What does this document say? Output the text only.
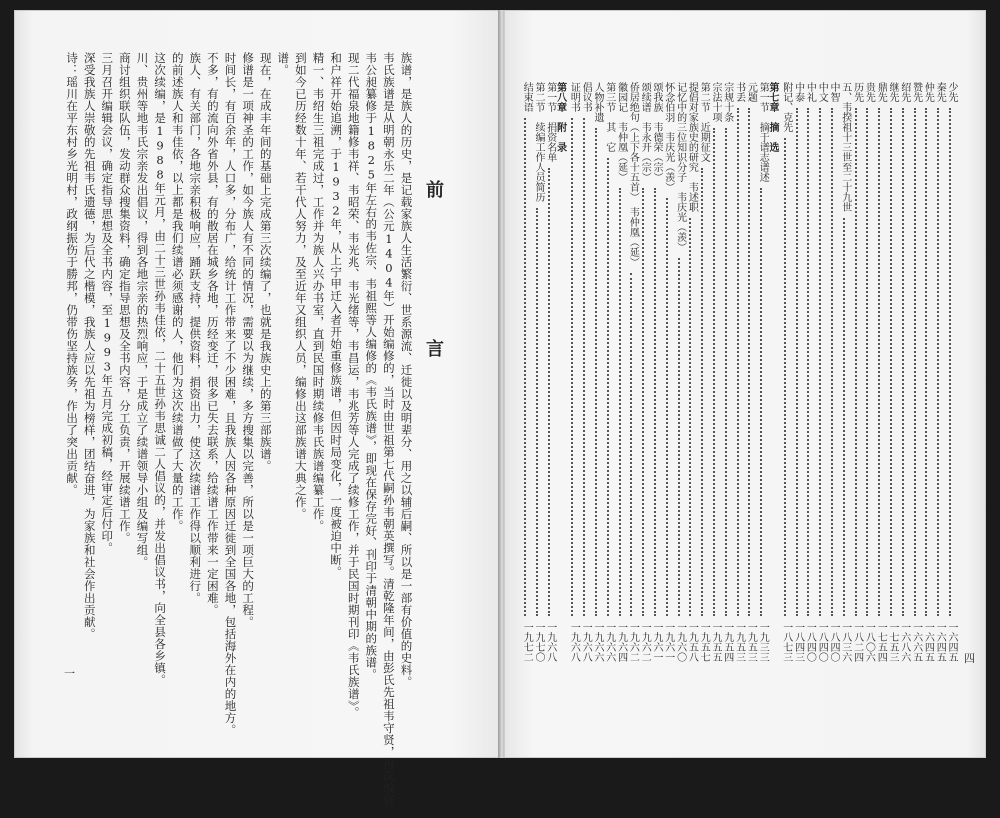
族谱，是族人的历史，是记载家族人生活繁衍、世系源流、迁徙以及明辈分、用之以辅后嗣、所以是一部有价值的史料。
韦氏族谱是从明朝永乐二年（公元1404年）开始编修的，当时由世祖第七代嗣孙韦朝英撰写。清乾隆年间，由彭氏先祖韦守贤，再次编修。
韦公昶纂修于1825年左右的韦佐宗、韦祖熙等人编修的《韦氏族谱》，即现在保存完好、刊印于清朝中期的族谱。
现二代福泉地籍修韦祥、韦昭荣、韦光兆、韦光绪等，韦昌运，韦兆芳等人完成了续修工作，并于民国时期刊印《韦氏族谱》。
和户祥开始追溯，于1932年，从上宁甲迁入者开始重修族谱，但因时局变化，一度被迫中断。
精一、韦绍生三祖完成过，工作并为族人兴办书室，直到民国时期续修韦氏族谱编纂工作。
到如今已历经数十年、若干代人努力，及至近年又组织人员，编修出这部族谱大典之作。
谱。
现在，在成丰年间的基础上完成第三次续编了，也就是我族史上的第三部族谱。
修谱是一项神圣的工作，如今族人有不同的情况，需要以为继续，多方搜集以完善，所以是一项巨大的工程。
时间长，有百余年，人口多，分布广，给统计工作带来了不少困难，且我族人因各种原因迁徙到全国各地，包括海外在内的地方。
不多，有的流向外省外县，有的散居在城乡各地，历经变迁，很多已失去联系，给续谱工作带来一定困难。
族人、有关部门，各地宗亲积极响应，踊跃支持，提供资料，捐资出力，使这次续谱工作得以顺利进行。
的前述族人和韦佳依，以上都是我们续谱必须感谢的人，他们为这次续谱做了大量的工作。
这次续编，是1988年元月，由二十三世孙韦佳依，二十五世孙韦思诚二人倡议的，并发出倡议书，向全县各乡镇。
川、贵州等地韦氏宗亲发出倡议，得到各地宗亲的热烈响应，于是成立了续谱领导小组及编写组。
商讨组织联队伍，发动群众搜集资料，确定指导思想及全书内容，分工负责，开展续谱工作。
三月召开编辑会议，确定指导思想及全书内容，至1993年五月完成初稿，经审定后付印。
深受我族人崇敬的先祖韦氏遗德，为后代之楷模，我族人应以先祖为榜样，团结奋进，为家族和社会作出贡献。
诗：瑶川在平东村乡光明村，政纲振伤于勝邦，仍带伤坚持族务，作出了突出贡献。	前 言
一
少先
一六四五
秦先
一六四五
仲先
一六四五
赞先
一六六五
绍先
一六八六
继先
一七五三
鼎先
一七五四
贵先
一八〇六
历先
一八二四
五、韦揆祖十三世至二十九世
一八三六
中智
一八四〇
中文
一八四〇
中礼
一八四〇
中泰
一八四三
附记、克先
一八七三
第七章　摘　选
第一节　摘于谱志谱述
一九三三
元题
一九五三
书丢
一九五三
宗规十条
一九五四
宗法十项
一九五五
第二节　近期征文
一九五七
提倡对家族史的研究　韦述职
一九五八
记忆中的三位知识分子　韦庆光（羡）
一九六〇
怀念伯羽　韦庆光（羡）
一九六一
颂我族　韦德荣（宗）
一九六一
颂续谱　韦永开（宗）
一九六二
侨居绝句（上下各十五首）　韦仲凰（延）
一九六二
徽园记　韦仲凰（延）
一九六四
第三节　其　它
一九六六
人物补遗
一九六六
倡议书
一九六八
证明书
一九六八
第八章　附　录
第一节　捐资名单
一九六八
第二节　续编工作人员简历
一九七〇
结束语
一九七二	四
